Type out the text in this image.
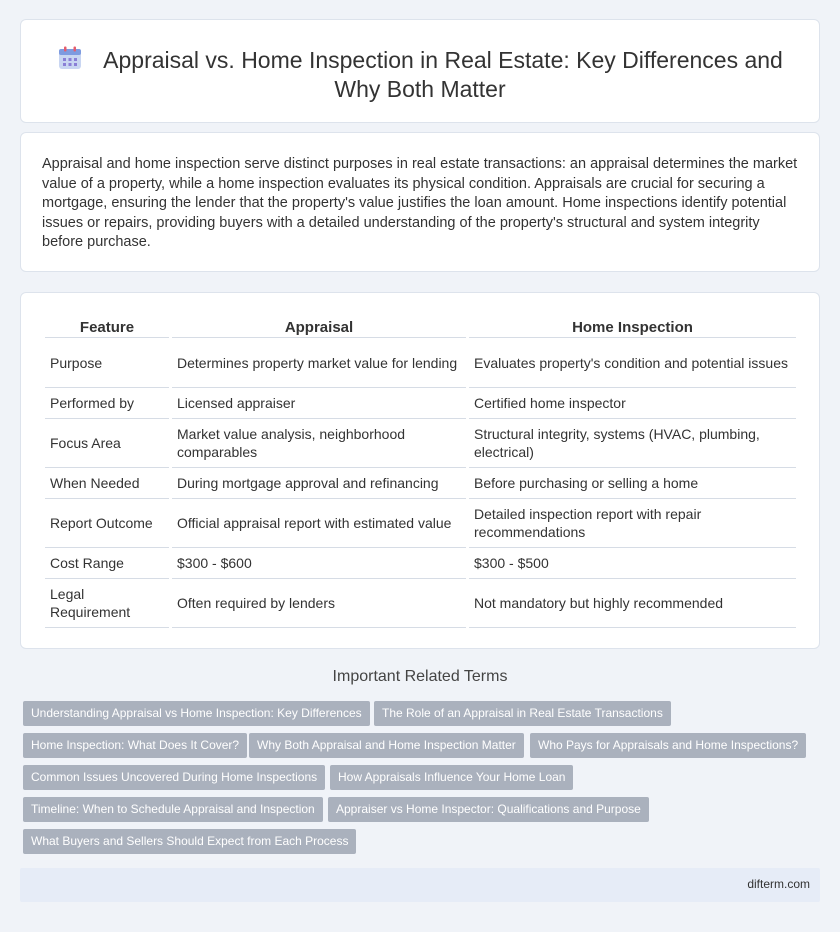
Appraisal vs. Home Inspection in Real Estate: Key Differences and Why Both Matter

Appraisal and home inspection serve distinct purposes in real estate transactions: an appraisal determines the market value of a property, while a home inspection evaluates its physical condition. Appraisals are crucial for securing a mortgage, ensuring the lender that the property's value justifies the loan amount. Home inspections identify potential issues or repairs, providing buyers with a detailed understanding of the property's structural and system integrity before purchase.

Feature	Appraisal	Home Inspection
Purpose	Determines property market value for lending	Evaluates property's condition and potential issues
Performed by	Licensed appraiser	Certified home inspector
Focus Area	Market value analysis, neighborhood comparables	Structural integrity, systems (HVAC, plumbing, electrical)
When Needed	During mortgage approval and refinancing	Before purchasing or selling a home
Report Outcome	Official appraisal report with estimated value	Detailed inspection report with repair recommendations
Cost Range	$300 - $600	$300 - $500
Legal Requirement	Often required by lenders	Not mandatory but highly recommended
Important Related Terms
Understanding Appraisal vs Home Inspection: Key Differences	The Role of an Appraisal in Real Estate Transactions
Home Inspection: What Does It Cover?	Why Both Appraisal and Home Inspection Matter	Who Pays for Appraisals and Home Inspections?
Common Issues Uncovered During Home Inspections	How Appraisals Influence Your Home Loan
Timeline: When to Schedule Appraisal and Inspection	Appraiser vs Home Inspector: Qualifications and Purpose
What Buyers and Sellers Should Expect from Each Process
difterm.com
